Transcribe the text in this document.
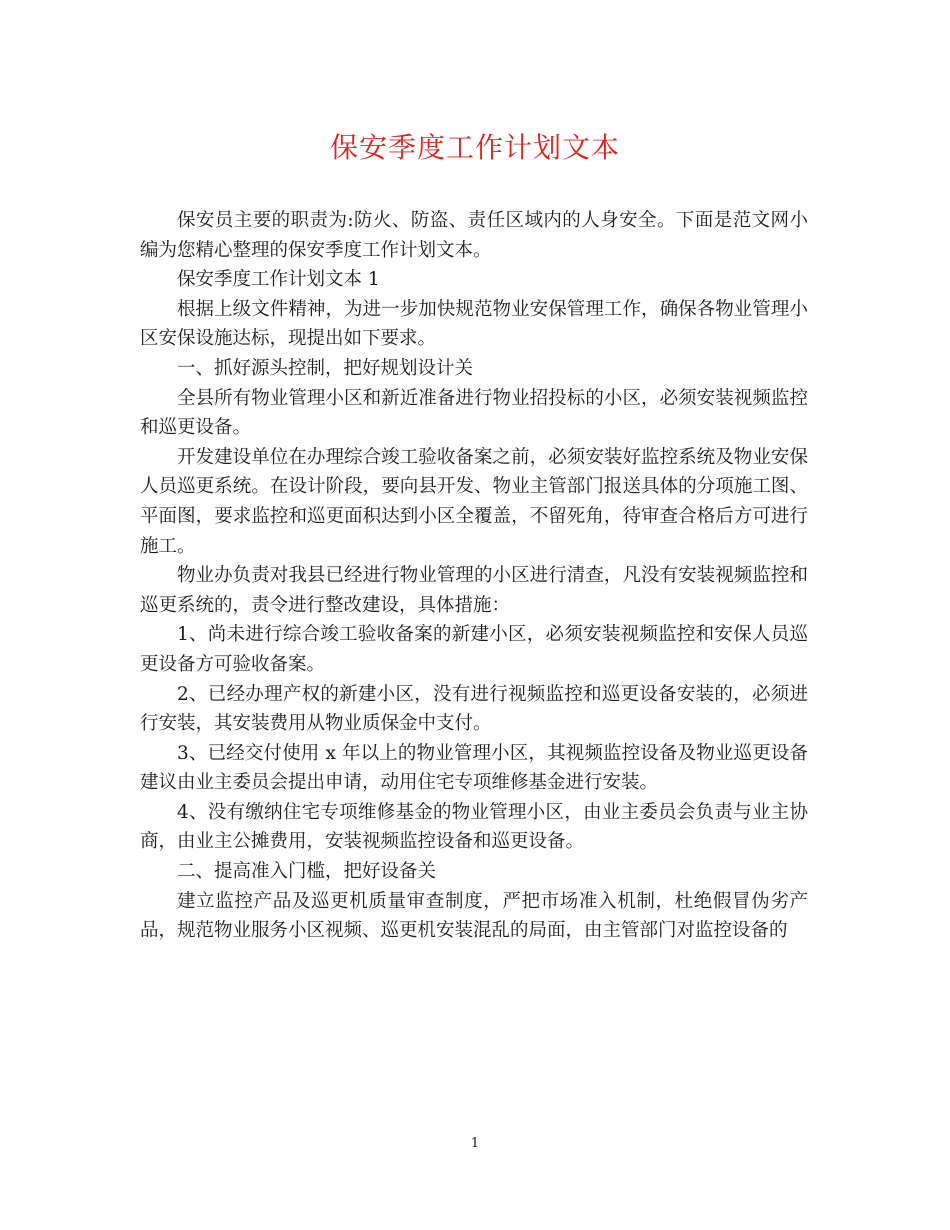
保安季度工作计划文本

保安员主要的职责为:防火、防盗、责任区域内的人身安全。下面是范文网小编为您精心整理的保安季度工作计划文本。

保安季度工作计划文本 1

根据上级文件精神，为进一步加快规范物业安保管理工作，确保各物业管理小区安保设施达标，现提出如下要求。

一、抓好源头控制，把好规划设计关

全县所有物业管理小区和新近准备进行物业招投标的小区，必须安装视频监控和巡更设备。

开发建设单位在办理综合竣工验收备案之前，必须安装好监控系统及物业安保人员巡更系统。在设计阶段，要向县开发、物业主管部门报送具体的分项施工图、平面图，要求监控和巡更面积达到小区全覆盖，不留死角，待审查合格后方可进行施工。

物业办负责对我县已经进行物业管理的小区进行清查，凡没有安装视频监控和巡更系统的，责令进行整改建设，具体措施：

1、尚未进行综合竣工验收备案的新建小区，必须安装视频监控和安保人员巡更设备方可验收备案。

2、已经办理产权的新建小区，没有进行视频监控和巡更设备安装的，必须进行安装，其安装费用从物业质保金中支付。

3、已经交付使用 x 年以上的物业管理小区，其视频监控设备及物业巡更设备建议由业主委员会提出申请，动用住宅专项维修基金进行安装。

4、没有缴纳住宅专项维修基金的物业管理小区，由业主委员会负责与业主协商，由业主公摊费用，安装视频监控设备和巡更设备。

二、提高准入门槛，把好设备关

建立监控产品及巡更机质量审查制度，严把市场准入机制，杜绝假冒伪劣产品，规范物业服务小区视频、巡更机安装混乱的局面，由主管部门对监控设备的

1
